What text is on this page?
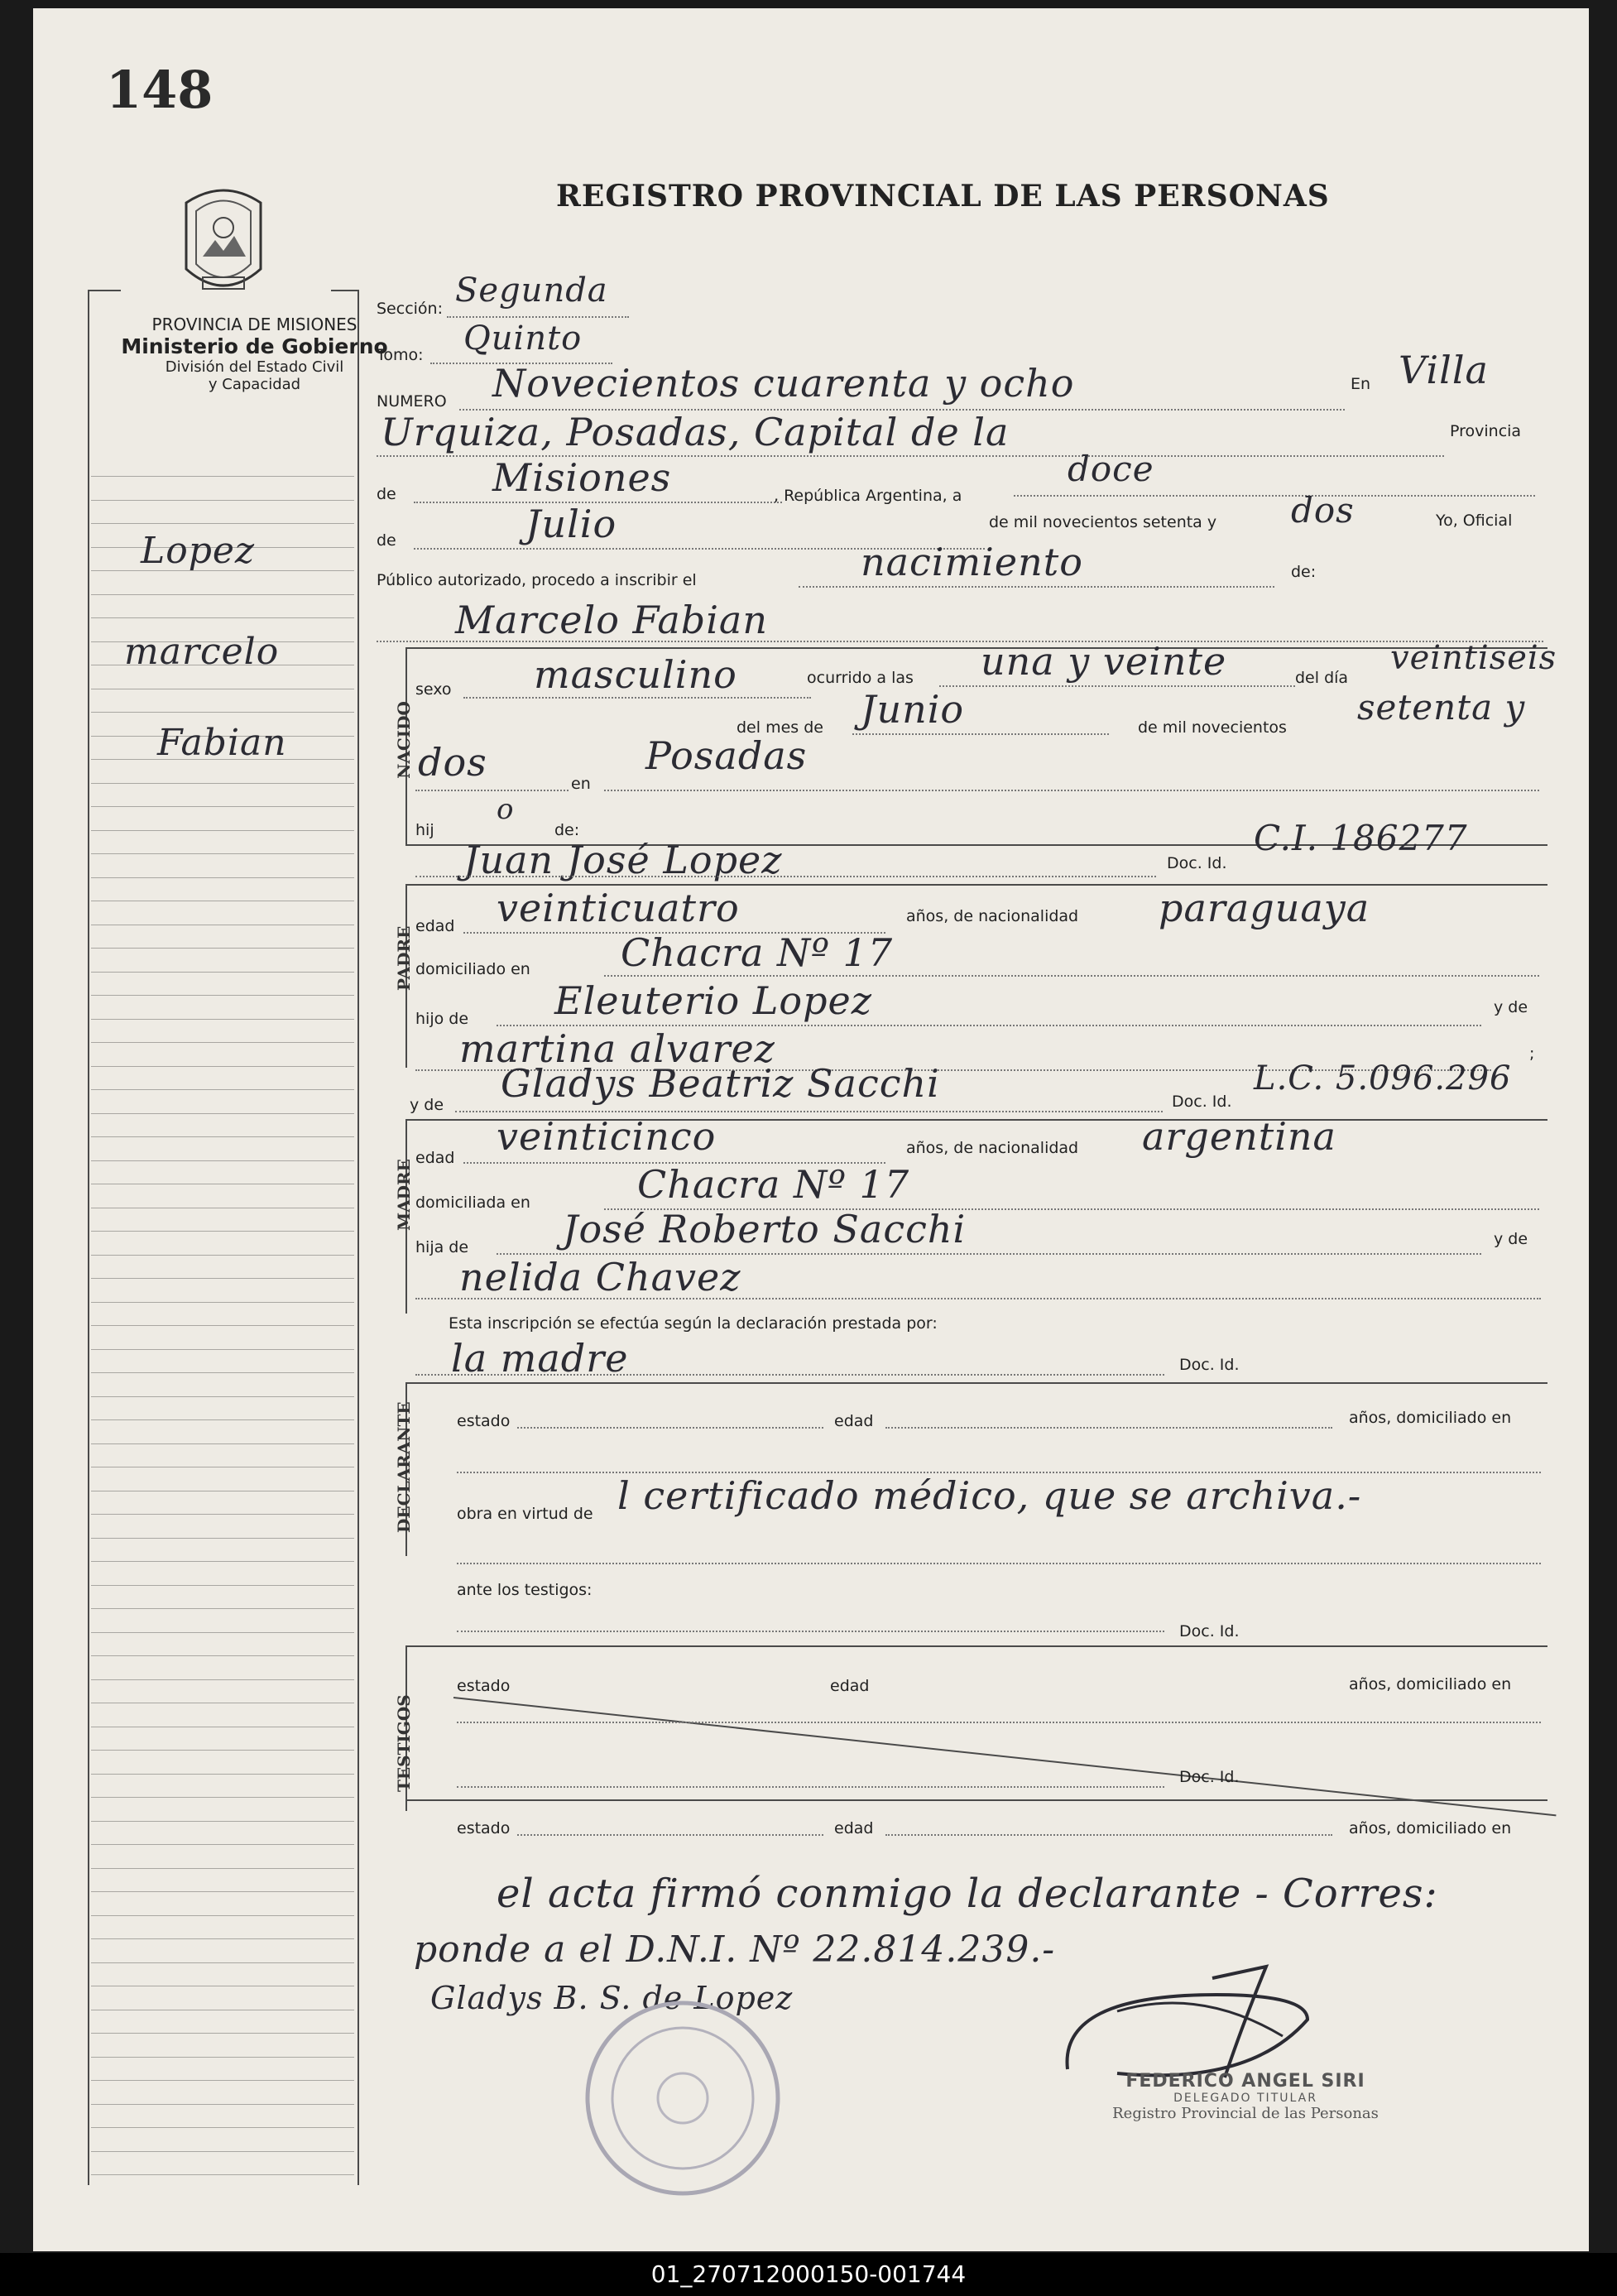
148
REGISTRO PROVINCIAL DE LAS PERSONAS
PROVINCIA DE MISIONES
Ministerio de Gobierno
División del Estado Civil
y Capacidad
Lopez
marcelo
Fabian
Sección: Segunda
Tomo: Quinto
NUMERO Novecientos cuarenta y ocho	En Villa
Urquiza, Posadas, Capital de la	Provincia
de	Misiones	, República Argentina, a
doce
de	Julio	de mil novecientos setenta y dos	Yo, Oficial
Público autorizado, procedo a inscribir el	nacimiento	de:
Marcelo Fabian
NACIDO
sexo masculino	ocurrido a las una y veinte	del día
veintiseis
del mes de Junio	de mil novecientos setenta y
dos	en
Posadas
hij
o
de:
Juan José Lopez	Doc. Id.
C.I. 186277
PADRE edad veinticuatro	años, de nacionalidad paraguaya
domiciliado en Chacra Nº 17
hijo de Eleuterio Lopez	y de
martina alvarez	;
y de Gladys Beatriz Sacchi	Doc. Id.
L.C. 5.096.296
MADRE
edad veinticinco	años, de nacionalidad argentina
domiciliada en	Chacra Nº 17
hija de José Roberto Sacchi	y de
nelida Chavez
Esta inscripción se efectúa según la declaración prestada por:
la madre	Doc. Id.
DECLARANTE	estado	edad	años, domiciliado en
obra en virtud de l certificado médico, que se archiva.-
ante los testigos:
Doc. Id.
TESTIGOS
estado	edad	años, domiciliado en
Doc. Id.
estado	edad	años, domiciliado en
el acta firmó conmigo la declarante - Corres:
ponde a el D.N.I. Nº 22.814.239.-
Gladys B. S. de Lopez
FEDERICO ANGEL SIRI
DELEGADO TITULAR
Registro Provincial de las Personas
01_270712000150-001744
